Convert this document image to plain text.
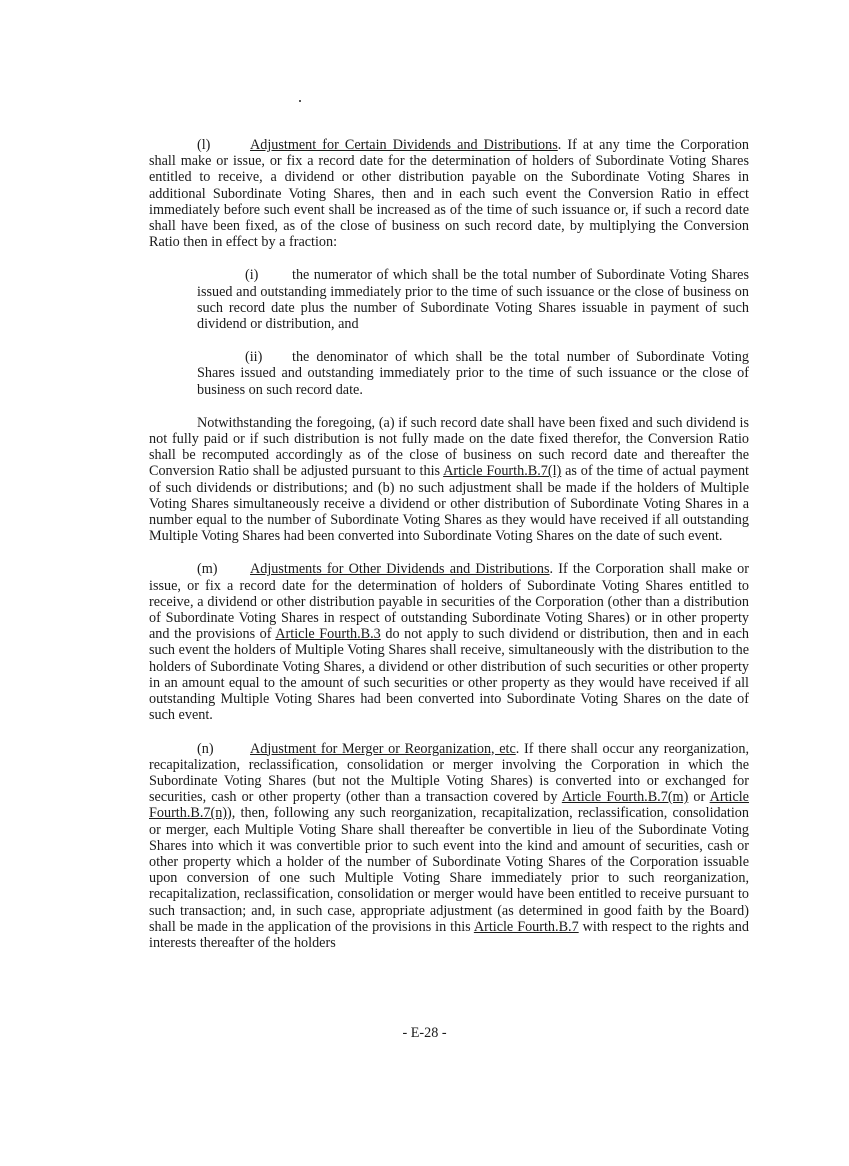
(l)	Adjustment for Certain Dividends and Distributions. If at any time the Corporation shall make or issue, or fix a record date for the determination of holders of Subordinate Voting Shares entitled to receive, a dividend or other distribution payable on the Subordinate Voting Shares in additional Subordinate Voting Shares, then and in each such event the Conversion Ratio in effect immediately before such event shall be increased as of the time of such issuance or, if such a record date shall have been fixed, as of the close of business on such record date, by multiplying the Conversion Ratio then in effect by a fraction:

(i) the numerator of which shall be the total number of Subordinate Voting Shares issued and outstanding immediately prior to the time of such issuance or the close of business on such record date plus the number of Subordinate Voting Shares issuable in payment of such dividend or distribution, and

(ii) the denominator of which shall be the total number of Subordinate Voting Shares issued and outstanding immediately prior to the time of such issuance or the close of business on such record date.

Notwithstanding the foregoing, (a) if such record date shall have been fixed and such dividend is not fully paid or if such distribution is not fully made on the date fixed therefor, the Conversion Ratio shall be recomputed accordingly as of the close of business on such record date and thereafter the Conversion Ratio shall be adjusted pursuant to this Article Fourth.B.7(l) as of the time of actual payment of such dividends or distributions; and (b) no such adjustment shall be made if the holders of Multiple Voting Shares simultaneously receive a dividend or other distribution of Subordinate Voting Shares in a number equal to the number of Subordinate Voting Shares as they would have received if all outstanding Multiple Voting Shares had been converted into Subordinate Voting Shares on the date of such event.

(m) Adjustments for Other Dividends and Distributions. If the Corporation shall make or issue, or fix a record date for the determination of holders of Subordinate Voting Shares entitled to receive, a dividend or other distribution payable in securities of the Corporation (other than a distribution of Subordinate Voting Shares in respect of outstanding Subordinate Voting Shares) or in other property and the provisions of Article Fourth.B.3 do not apply to such dividend or distribution, then and in each such event the holders of Multiple Voting Shares shall receive, simultaneously with the distribution to the holders of Subordinate Voting Shares, a dividend or other distribution of such securities or other property in an amount equal to the amount of such securities or other property as they would have received if all outstanding Multiple Voting Shares had been converted into Subordinate Voting Shares on the date of such event.

(n)	Adjustment for Merger or Reorganization, etc. If there shall occur any reorganization, recapitalization, reclassification, consolidation or merger involving the Corporation in which the Subordinate Voting Shares (but not the Multiple Voting Shares) is converted into or exchanged for securities, cash or other property (other than a transaction covered by Article Fourth.B.7(m) or Article Fourth.B.7(n)), then, following any such reorganization, recapitalization, reclassification, consolidation or merger, each Multiple Voting Share shall thereafter be convertible in lieu of the Subordinate Voting Shares into which it was convertible prior to such event into the kind and amount of securities, cash or other property which a holder of the number of Subordinate Voting Shares of the Corporation issuable upon conversion of one such Multiple Voting Share immediately prior to such reorganization, recapitalization, reclassification, consolidation or merger would have been entitled to receive pursuant to such transaction; and, in such case, appropriate adjustment (as determined in good faith by the Board) shall be made in the application of the provisions in this Article Fourth.B.7 with respect to the rights and interests thereafter of the holders

- E-28 -
